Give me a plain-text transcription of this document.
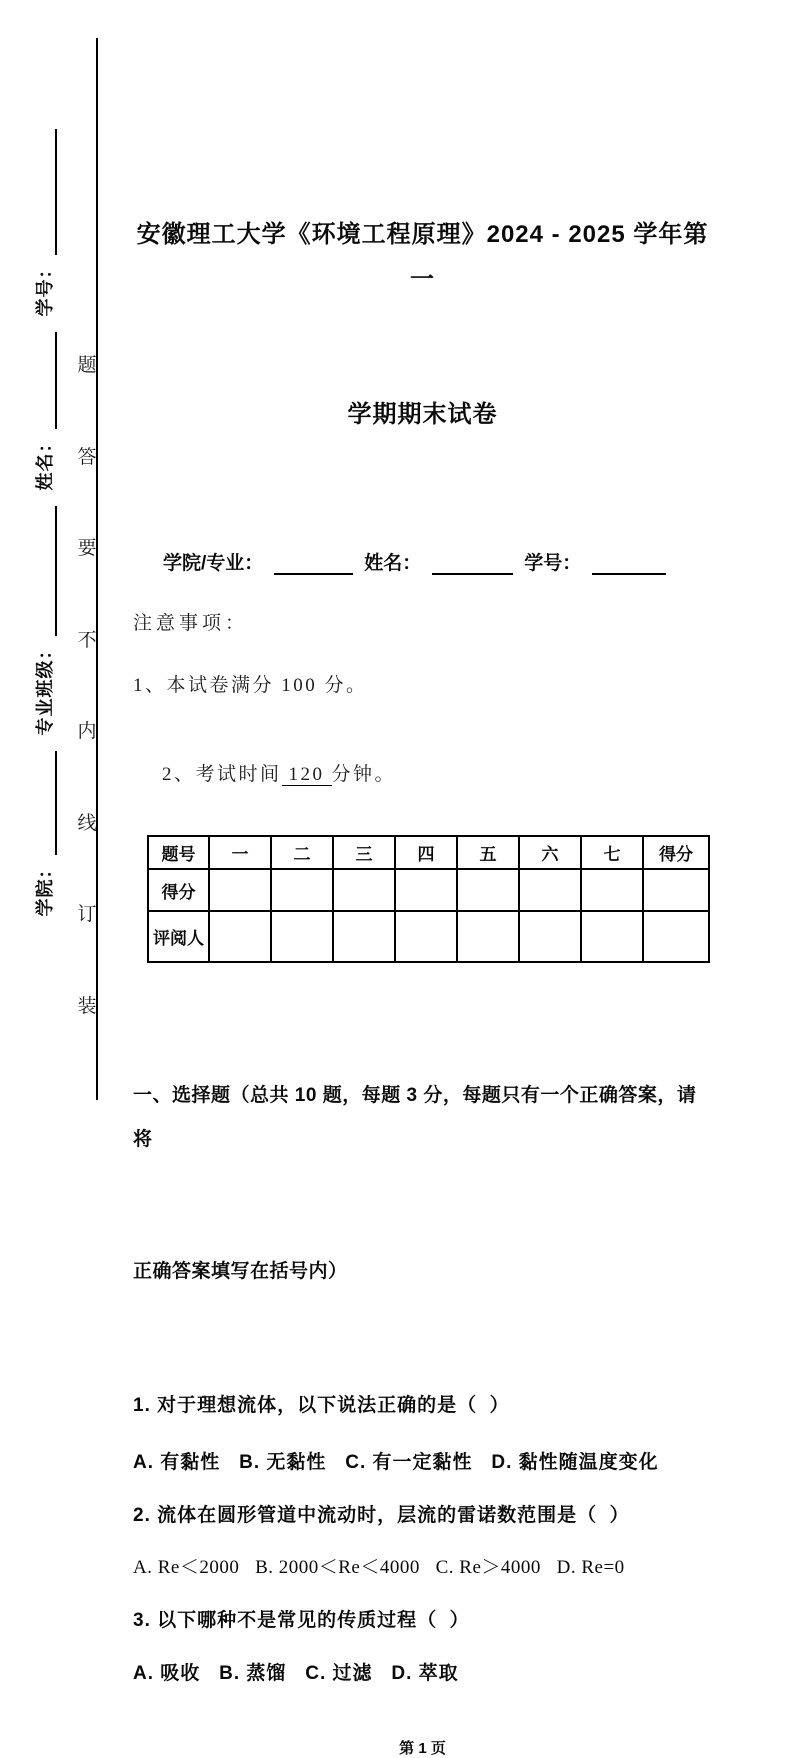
学院：
专业班级：
姓名：
学号：
题
答
要
不
内
线
订
装

安徽理工大学《环境工程原理》2024 - 2025 学年第一

学期期末试卷

学院/专业：	姓名：	学号：
注意事项：
1、本试卷满分 100 分。

2、考试时间 120 分钟。

题号	一	二	三	四	五	六	七	得分
得分								
评阅人								

一、选择题（总共 10 题，每题 3 分，每题只有一个正确答案，请将

正确答案填写在括号内）

1. 对于理想流体，以下说法正确的是（  ）
A. 有黏性   B. 无黏性   C. 有一定黏性   D. 黏性随温度变化
2. 流体在圆形管道中流动时，层流的雷诺数范围是（  ）
A. Re＜2000   B. 2000＜Re＜4000   C. Re＞4000   D. Re=0
3. 以下哪种不是常见的传质过程（  ）
A. 吸收   B. 蒸馏   C. 过滤   D. 萃取
第 1 页
